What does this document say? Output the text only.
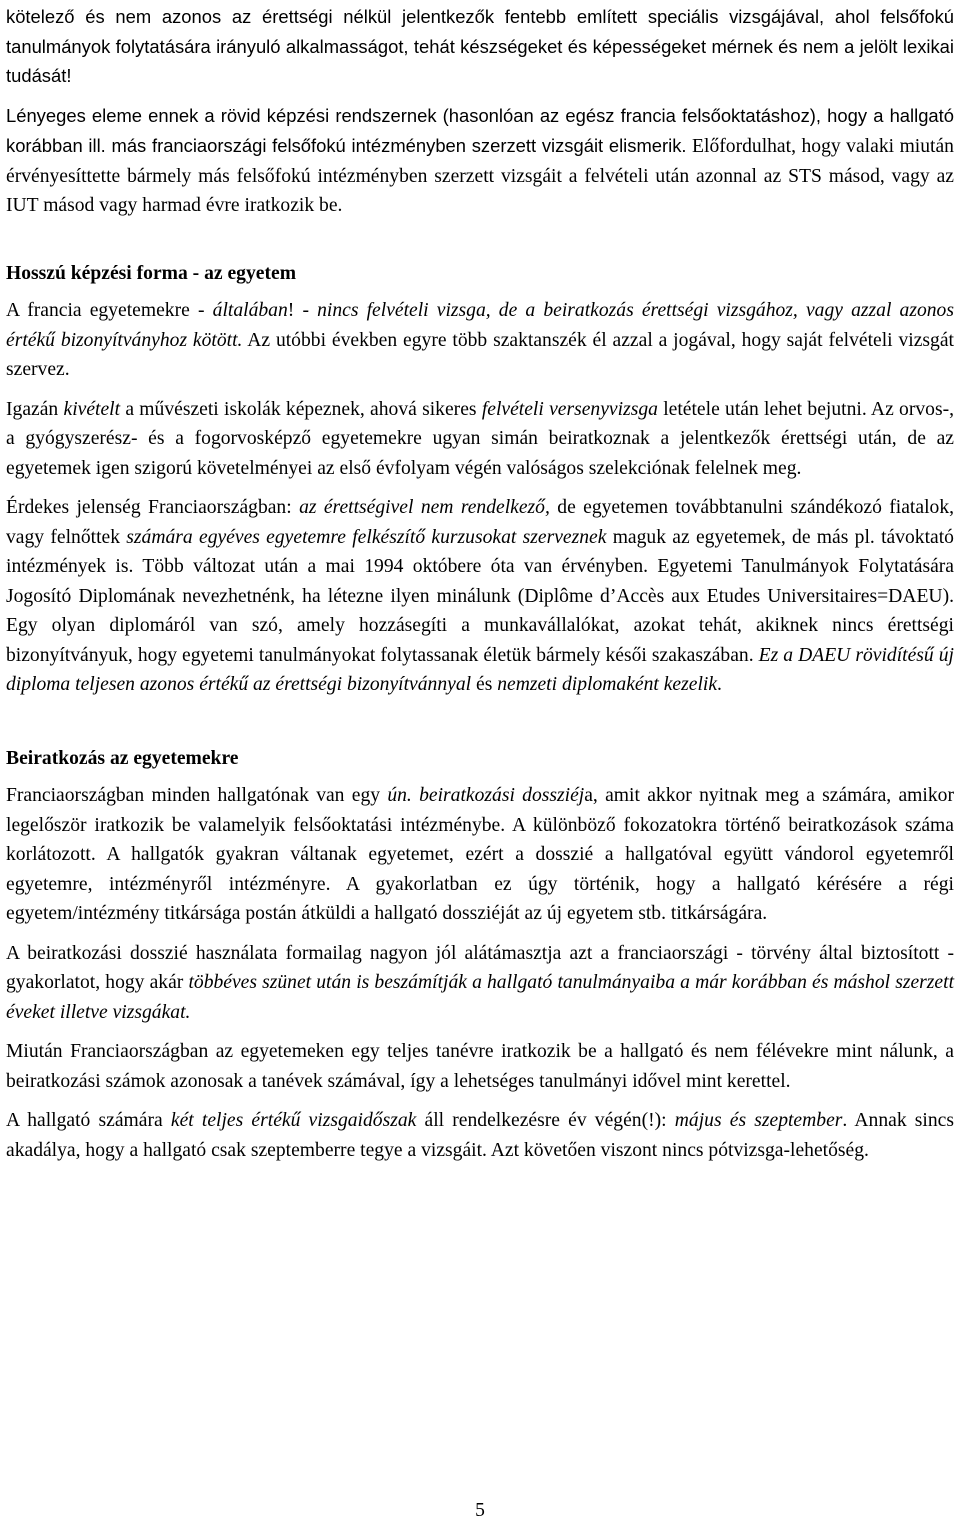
kötelező és nem azonos az érettségi nélkül jelentkezők fentebb említett speciális vizsgájával, ahol felsőfokú tanulmányok folytatására irányuló alkalmasságot, tehát készségeket és képességeket mérnek és nem a jelölt lexikai tudását!

Lényeges eleme ennek a rövid képzési rendszernek (hasonlóan az egész francia felsőoktatáshoz), hogy a hallgató korábban ill. más franciaországi felsőfokú intézményben szerzett vizsgáit elismerik. Előfordulhat, hogy valaki miután érvényesíttette bármely más felsőfokú intézményben szerzett vizsgáit a felvételi után azonnal az STS másod, vagy az IUT másod vagy harmad évre iratkozik be.

Hosszú képzési forma - az egyetem

A francia egyetemekre - általában! - nincs felvételi vizsga, de a beiratkozás érettségi vizsgához, vagy azzal azonos értékű bizonyítványhoz kötött. Az utóbbi években egyre több szaktanszék él azzal a jogával, hogy saját felvételi vizsgát szervez.

Igazán kivételt a művészeti iskolák képeznek, ahová sikeres felvételi versenyvizsga letétele után lehet bejutni. Az orvos-, a gyógyszerész- és a fogorvosképző egyetemekre ugyan simán beiratkoznak a jelentkezők érettségi után, de az egyetemek igen szigorú követelményei az első évfolyam végén valóságos szelekciónak felelnek meg.

Érdekes jelenség Franciaországban: az érettségivel nem rendelkező, de egyetemen továbbtanulni szándékozó fiatalok, vagy felnőttek számára egyéves egyetemre felkészítő kurzusokat szerveznek maguk az egyetemek, de más pl. távoktató intézmények is. Több változat után a mai 1994 októbere óta van érvényben. Egyetemi Tanulmányok Folytatására Jogosító Diplomának nevezhetnénk, ha létezne ilyen minálunk (Diplôme d’Accès aux Etudes Universitaires=DAEU). Egy olyan diplomáról van szó, amely hozzásegíti a munkavállalókat, azokat tehát, akiknek nincs érettségi bizonyítványuk, hogy egyetemi tanulmányokat folytassanak életük bármely késői szakaszában. Ez a DAEU rövidítésű új diploma teljesen azonos értékű az érettségi bizonyítvánnyal és nemzeti diplomaként kezelik.

Beiratkozás az egyetemekre

Franciaországban minden hallgatónak van egy ún. beiratkozási dossziéja, amit akkor nyitnak meg a számára, amikor legelőször iratkozik be valamelyik felsőoktatási intézménybe. A különböző fokozatokra történő beiratkozások száma korlátozott. A hallgatók gyakran váltanak egyetemet, ezért a dosszié a hallgatóval együtt vándorol egyetemről egyetemre, intézményről intézményre. A gyakorlatban ez úgy történik, hogy a hallgató kérésére a régi egyetem/intézmény titkársága postán átküldi a hallgató dossziéját az új egyetem stb. titkárságára.

A beiratkozási dosszié használata formailag nagyon jól alátámasztja azt a franciaországi - törvény által biztosított - gyakorlatot, hogy akár többéves szünet után is beszámítják a hallgató tanulmányaiba a már korábban és máshol szerzett éveket illetve vizsgákat.

Miután Franciaországban az egyetemeken egy teljes tanévre iratkozik be a hallgató és nem félévekre mint nálunk, a beiratkozási számok azonosak a tanévek számával, így a lehetséges tanulmányi idővel mint kerettel.

A hallgató számára két teljes értékű vizsgaidőszak áll rendelkezésre év végén(!): május és szeptember. Annak sincs akadálya, hogy a hallgató csak szeptemberre tegye a vizsgáit. Azt követően viszont nincs pótvizsga-lehetőség.

5
